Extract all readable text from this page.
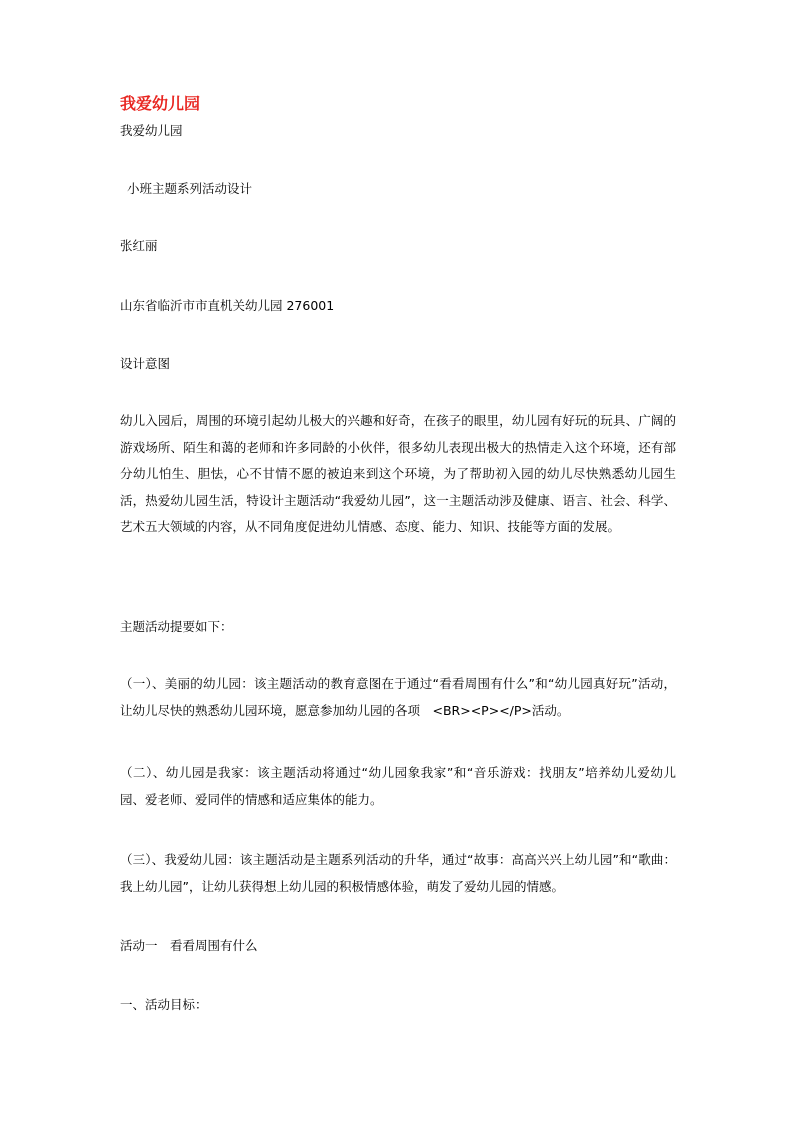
我爱幼儿园
我爱幼儿园
小班主题系列活动设计
张红丽
山东省临沂市市直机关幼儿园 276001
设计意图
幼儿入园后，周围的环境引起幼儿极大的兴趣和好奇，在孩子的眼里，幼儿园有好玩的玩具、广阔的游戏场所、陌生和蔼的老师和许多同龄的小伙伴，很多幼儿表现出极大的热情走入这个环境，还有部分幼儿怕生、胆怯，心不甘情不愿的被迫来到这个环境，为了帮助初入园的幼儿尽快熟悉幼儿园生活，热爱幼儿园生活，特设计主题活动“我爱幼儿园”，这一主题活动涉及健康、语言、社会、科学、艺术五大领域的内容，从不同角度促进幼儿情感、态度、能力、知识、技能等方面的发展。
主题活动提要如下：
（一）、美丽的幼儿园：该主题活动的教育意图在于通过“看看周围有什么”和“幼儿园真好玩”活动，让幼儿尽快的熟悉幼儿园环境，愿意参加幼儿园的各项　<BR><P></P>活动。
（二）、幼儿园是我家：该主题活动将通过“幼儿园象我家”和“音乐游戏：找朋友”培养幼儿爱幼儿园、爱老师、爱同伴的情感和适应集体的能力。
（三）、我爱幼儿园：该主题活动是主题系列活动的升华，通过“故事：高高兴兴上幼儿园”和“歌曲：我上幼儿园”，让幼儿获得想上幼儿园的积极情感体验，萌发了爱幼儿园的情感。
活动一　看看周围有什么
一、活动目标：
